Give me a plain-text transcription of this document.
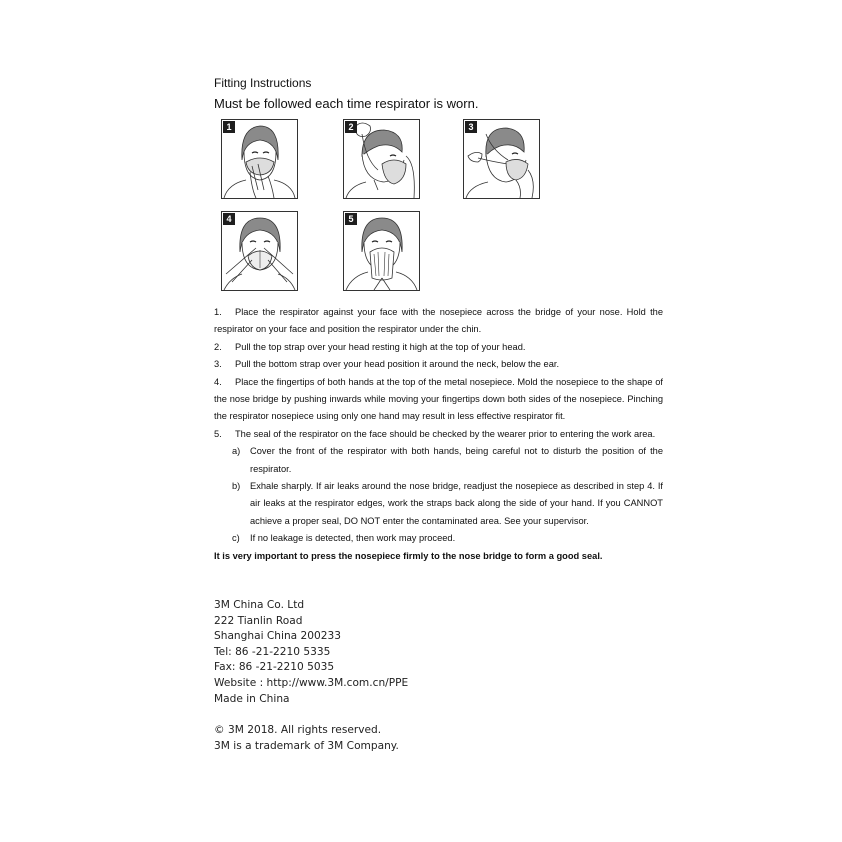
Fitting Instructions
Must be followed each time respirator is worn.
1	2	3
4	5

1. Place the respirator against your face with the nosepiece across the bridge of your nose. Hold the respirator on your face and position the respirator under the chin.

2. Pull the top strap over your head resting it high at the top of your head.

3. Pull the bottom strap over your head position it around the neck, below the ear.

4. Place the fingertips of both hands at the top of the metal nosepiece. Mold the nosepiece to the shape of the nose bridge by pushing inwards while moving your fingertips down both sides of the nosepiece. Pinching the respirator nosepiece using only one hand may result in less effective respirator fit.

5. The seal of the respirator on the face should be checked by the wearer prior to entering the work area.

a) Cover the front of the respirator with both hands, being careful not to disturb the position of the respirator.

b) Exhale sharply. If air leaks around the nose bridge, readjust the nosepiece as described in step 4. If air leaks at the respirator edges, work the straps back along the side of your hand. If you CANNOT achieve a proper seal, DO NOT enter the contaminated area. See your supervisor.

c) If no leakage is detected, then work may proceed.

It is very important to press the nosepiece firmly to the nose bridge to form a good seal.

3M China Co. Ltd
222 Tianlin Road
Shanghai China 200233
Tel: 86 -21-2210 5335
Fax: 86 -21-2210 5035
Website : http://www.3M.com.cn/PPE
Made in China
© 3M 2018. All rights reserved.
3M is a trademark of 3M Company.
